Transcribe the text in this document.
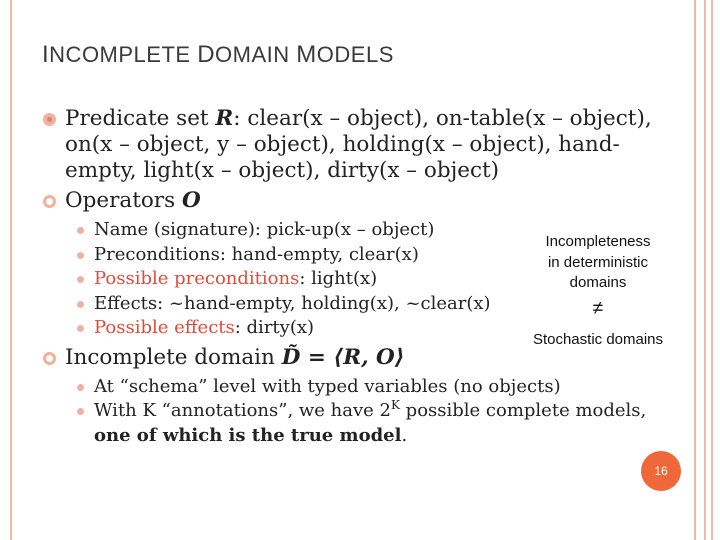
INCOMPLETE DOMAIN MODELS
Predicate set R: clear(x – object), on-table(x – object), on(x – object, y – object), holding(x – object), hand-empty, light(x – object), dirty(x – object)
Operators O
Name (signature): pick-up(x – object)
Preconditions: hand-empty, clear(x)
Possible preconditions: light(x)
Effects: ~hand-empty, holding(x), ~clear(x)
Possible effects: dirty(x)
Incomplete domain D̃ = ⟨R, O⟩
At “schema” level with typed variables (no objects)
With K “annotations”, we have $2^K$ possible complete models,
one of which is the true model.
Incompleteness
in deterministic
domains
≠
Stochastic domains
16
